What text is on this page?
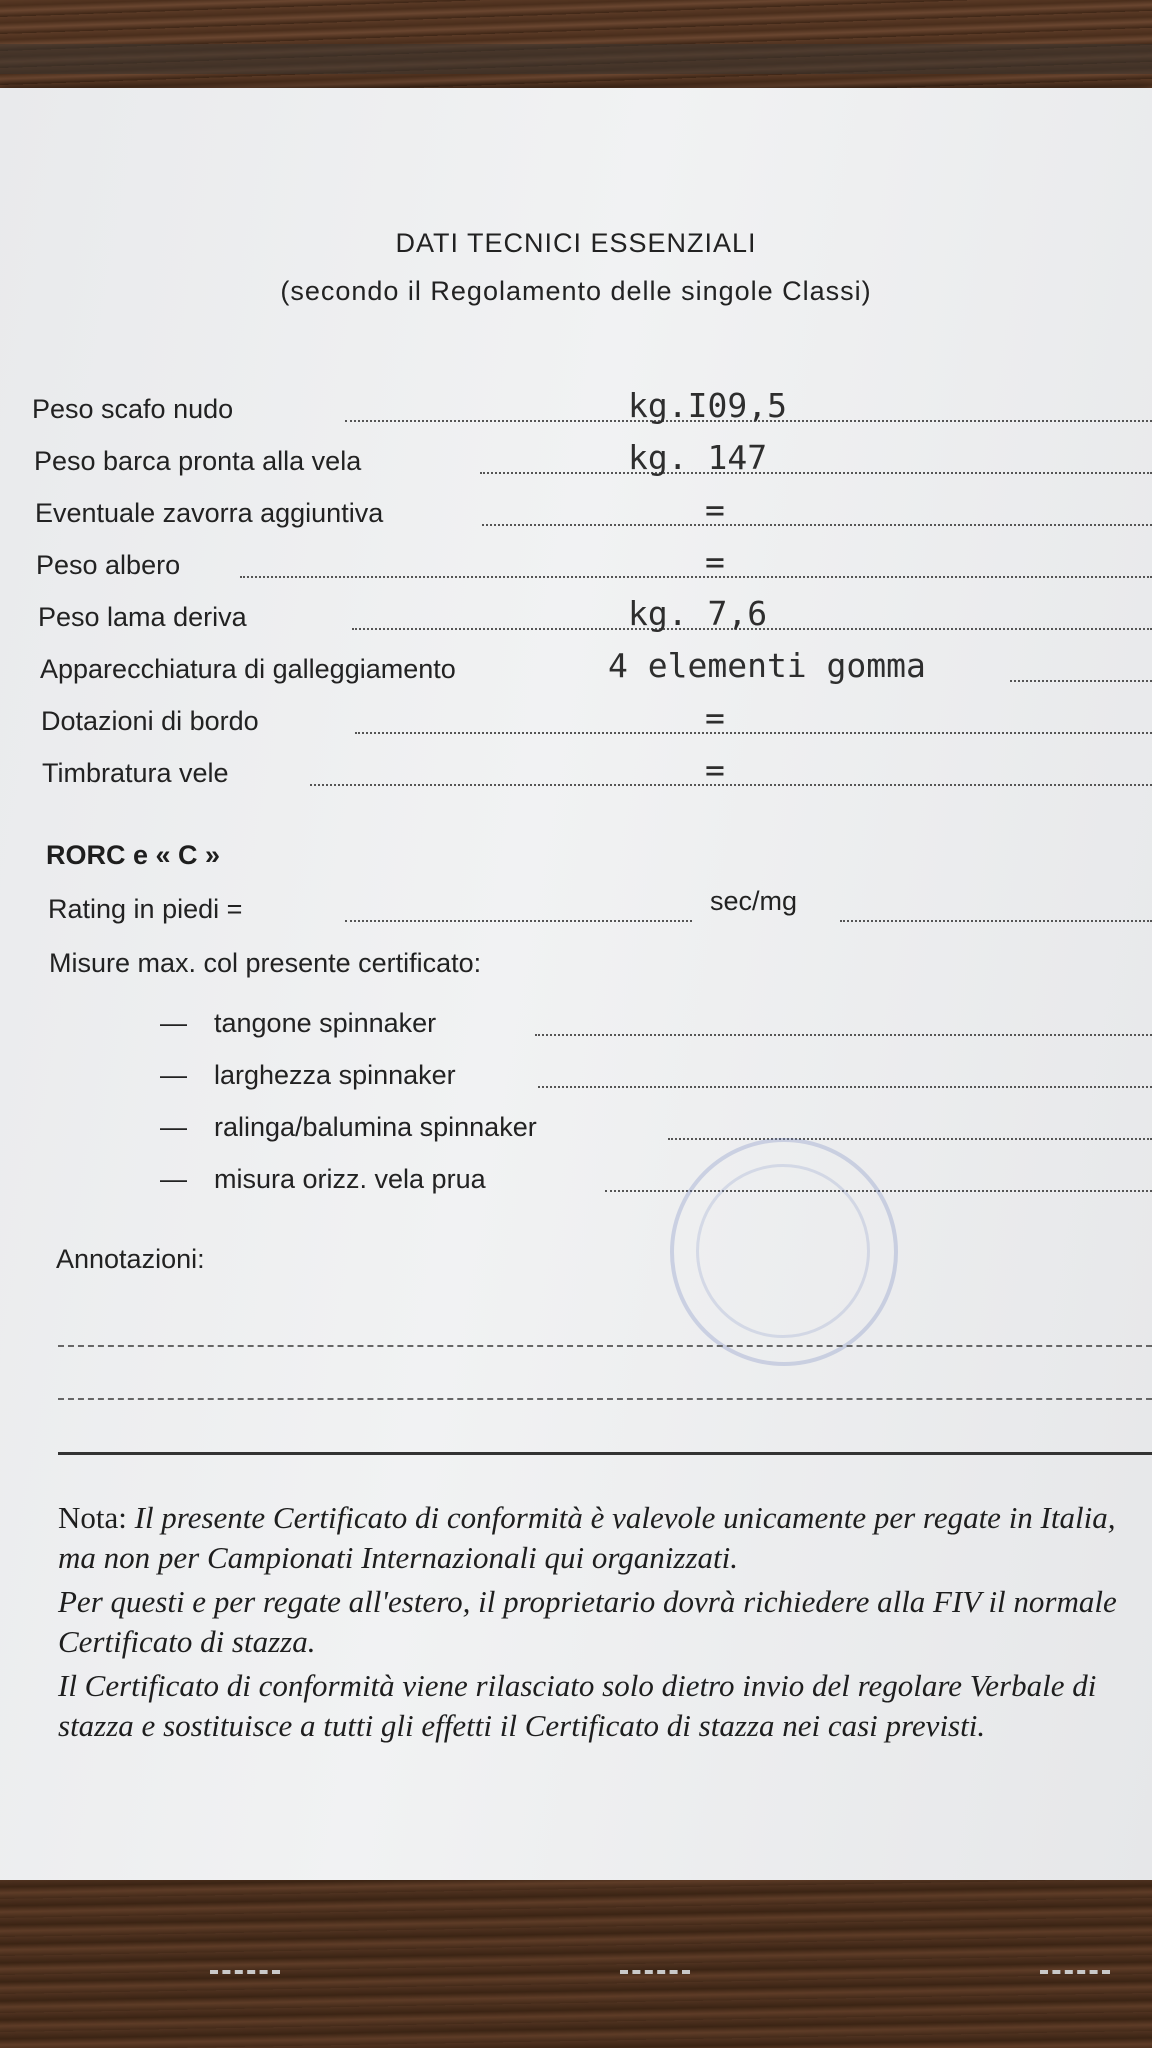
DATI TECNICI ESSENZIALI
(secondo il Regolamento delle singole Classi)
Peso scafo nudo	kg.I09,5
Peso barca pronta alla vela	kg. 147
Eventuale zavorra aggiuntiva	=
Peso albero	=
Peso lama deriva	kg. 7,6
Apparecchiatura di galleggiamento	4 elementi gomma
Dotazioni di bordo	=
Timbratura vele	=
RORC e « C »
Rating in piedi =	sec/mg
Misure max. col presente certificato:
— tangone spinnaker
— larghezza spinnaker
— ralinga/balumina spinnaker
— misura orizz. vela prua
Annotazioni:
Nota: Il presente Certificato di conformità è valevole unicamente per regate in Italia, ma non per Campionati Internazionali qui organizzati.
Per questi e per regate all'estero, il proprietario dovrà richiedere alla FIV il normale Certificato di stazza.
Il Certificato di conformità viene rilasciato solo dietro invio del regolare Verbale di stazza e sostituisce a tutti gli effetti il Certificato di stazza nei casi previsti.
